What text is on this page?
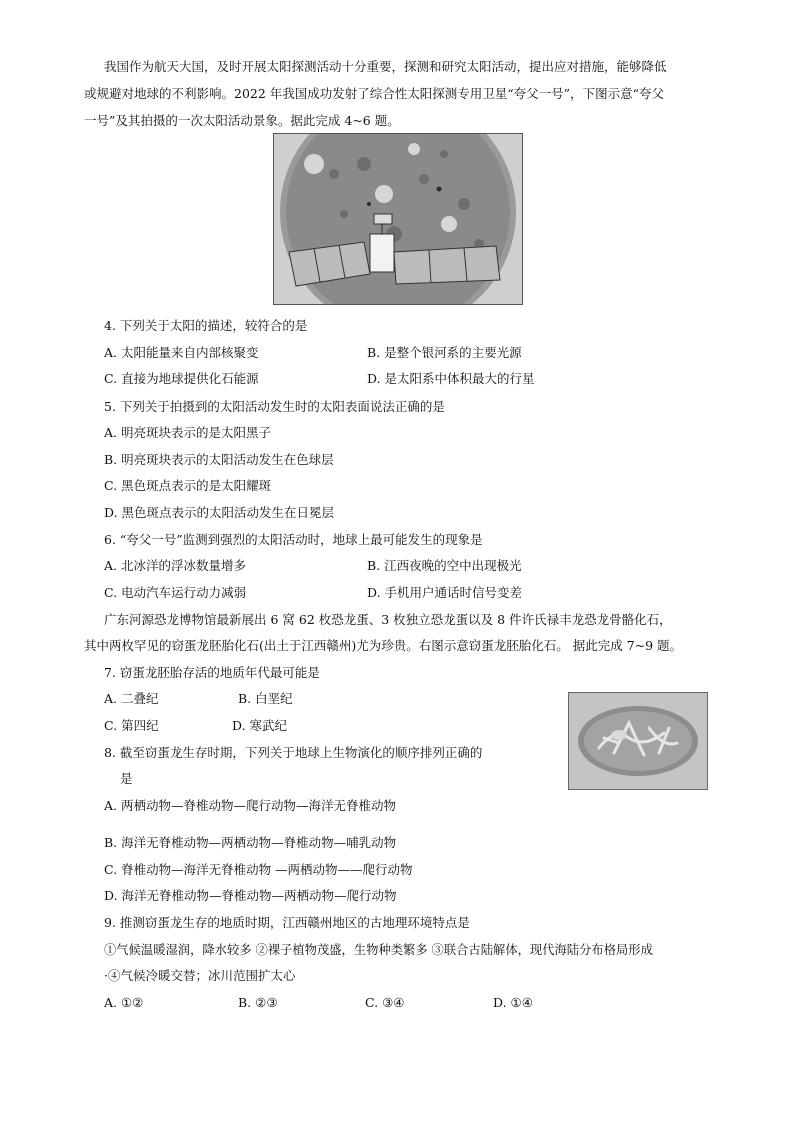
我国作为航天大国，及时开展太阳探测活动十分重要，探测和研究太阳活动，提出应对措施，能够降低
或规避对地球的不利影响。2022 年我国成功发射了综合性太阳探测专用卫星“夸父一号”，下图示意“夸父
一号”及其拍摄的一次太阳活动景象。据此完成 4~6 题。
4. 下列关于太阳的描述，较符合的是
A. 太阳能量来自内部核聚变	B. 是整个银河系的主要光源
C. 直接为地球提供化石能源	D. 是太阳系中体积最大的行星
5. 下列关于拍摄到的太阳活动发生时的太阳表面说法正确的是
A. 明亮斑块表示的是太阳黑子
B. 明亮斑块表示的太阳活动发生在色球层
C. 黑色斑点表示的是太阳耀斑
D. 黑色斑点表示的太阳活动发生在日冕层
6. “夸父一号”监测到强烈的太阳活动时，地球上最可能发生的现象是
A. 北冰洋的浮冰数量增多	B. 江西夜晚的空中出现极光
C. 电动汽车运行动力减弱	D. 手机用户通话时信号变差
广东河源恐龙博物馆最新展出 6 窝 62 枚恐龙蛋、3 枚独立恐龙蛋以及 8 件许氏禄丰龙恐龙骨骼化石，
其中两枚罕见的窃蛋龙胚胎化石(出土于江西赣州)尤为珍贵。右图示意窃蛋龙胚胎化石。 据此完成 7~9 题。
7. 窃蛋龙胚胎存活的地质年代最可能是
A. 二叠纪	B. 白垩纪
C. 第四纪	D. 寒武纪
8. 截至窃蛋龙生存时期，下列关于地球上生物演化的顺序排列正确的
是
A. 两栖动物—脊椎动物—爬行动物—海洋无脊椎动物
B. 海洋无脊椎动物—两栖动物—脊椎动物—哺乳动物
C. 脊椎动物—海洋无脊椎动物 —两栖动物——爬行动物
D. 海洋无脊椎动物—脊椎动物—两栖动物—爬行动物
9. 推测窃蛋龙生存的地质时期，江西赣州地区的古地理环境特点是
①气候温暖湿润，降水较多 ②裸子植物茂盛，生物种类繁多 ③联合古陆解体，现代海陆分布格局形成
·④气候冷暖交替；冰川范围扩太心
A. ①②	B. ②③	C. ③④	D. ①④
